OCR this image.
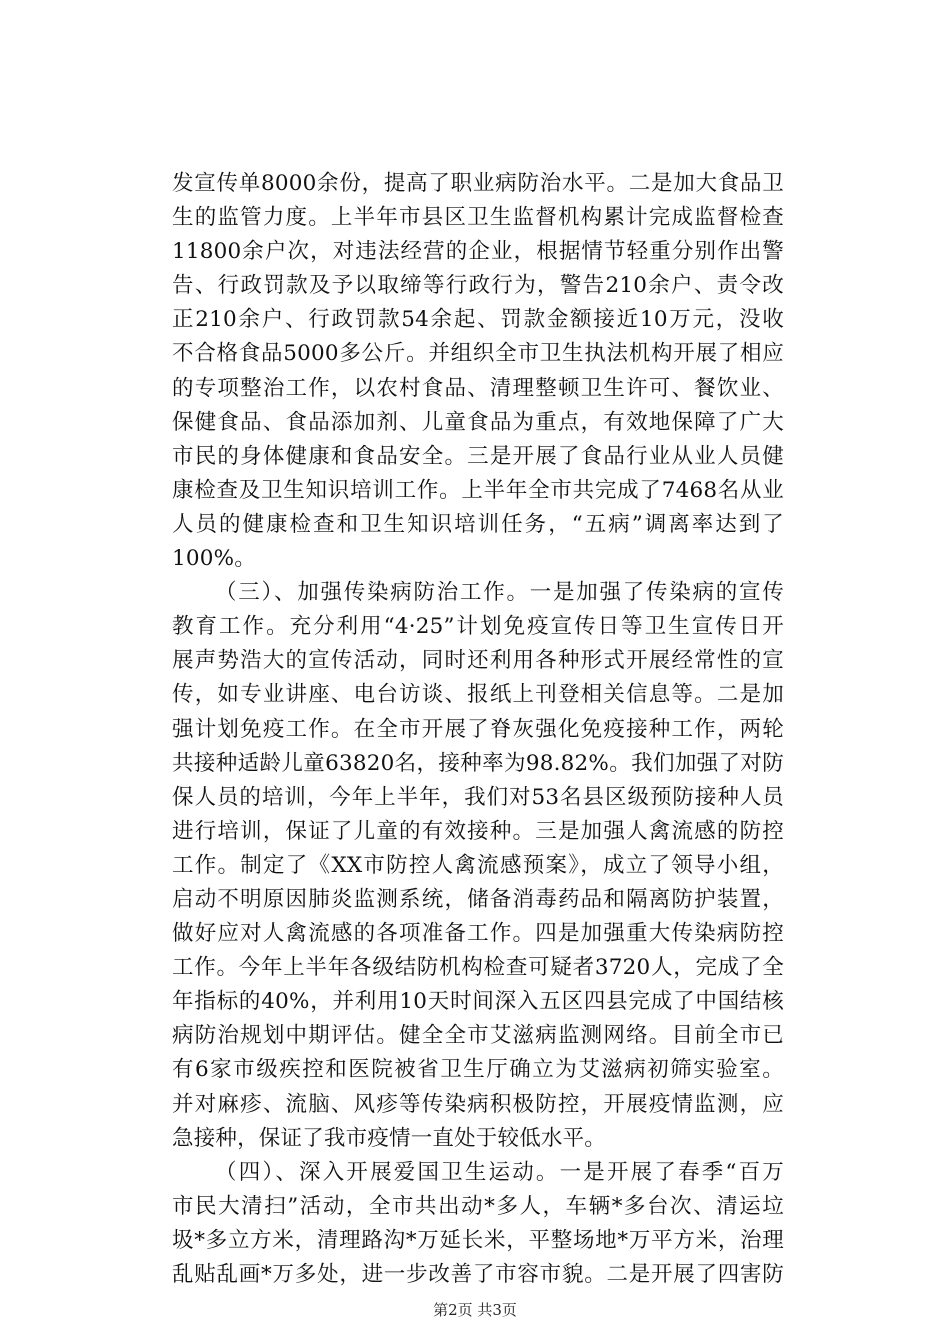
发宣传单8000余份，提高了职业病防治水平。二是加大食品卫
生的监管力度。上半年市县区卫生监督机构累计完成监督检查
11800余户次，对违法经营的企业，根据情节轻重分别作出警
告、行政罚款及予以取缔等行政行为，警告210余户、责令改
正210余户、行政罚款54余起、罚款金额接近10万元，没收
不合格食品5000多公斤。并组织全市卫生执法机构开展了相应
的专项整治工作，以农村食品、清理整顿卫生许可、餐饮业、
保健食品、食品添加剂、儿童食品为重点，有效地保障了广大
市民的身体健康和食品安全。三是开展了食品行业从业人员健
康检查及卫生知识培训工作。上半年全市共完成了7468名从业
人员的健康检查和卫生知识培训任务，“五病”调离率达到了
100%。
（三）、加强传染病防治工作。一是加强了传染病的宣传
教育工作。充分利用“4·25”计划免疫宣传日等卫生宣传日开
展声势浩大的宣传活动，同时还利用各种形式开展经常性的宣
传，如专业讲座、电台访谈、报纸上刊登相关信息等。二是加
强计划免疫工作。在全市开展了脊灰强化免疫接种工作，两轮
共接种适龄儿童63820名，接种率为98.82%。我们加强了对防
保人员的培训，今年上半年，我们对53名县区级预防接种人员
进行培训，保证了儿童的有效接种。三是加强人禽流感的防控
工作。制定了《XX市防控人禽流感预案》，成立了领导小组，
启动不明原因肺炎监测系统，储备消毒药品和隔离防护装置，
做好应对人禽流感的各项准备工作。四是加强重大传染病防控
工作。今年上半年各级结防机构检查可疑者3720人，完成了全
年指标的40%，并利用10天时间深入五区四县完成了中国结核
病防治规划中期评估。健全全市艾滋病监测网络。目前全市已
有6家市级疾控和医院被省卫生厅确立为艾滋病初筛实验室。
并对麻疹、流脑、风疹等传染病积极防控，开展疫情监测，应
急接种，保证了我市疫情一直处于较低水平。
（四）、深入开展爱国卫生运动。一是开展了春季“百万
市民大清扫”活动，全市共出动*多人，车辆*多台次、清运垃
圾*多立方米，清理路沟*万延长米，平整场地*万平方米，治理
乱贴乱画*万多处，进一步改善了市容市貌。二是开展了四害防
第2页 共3页
